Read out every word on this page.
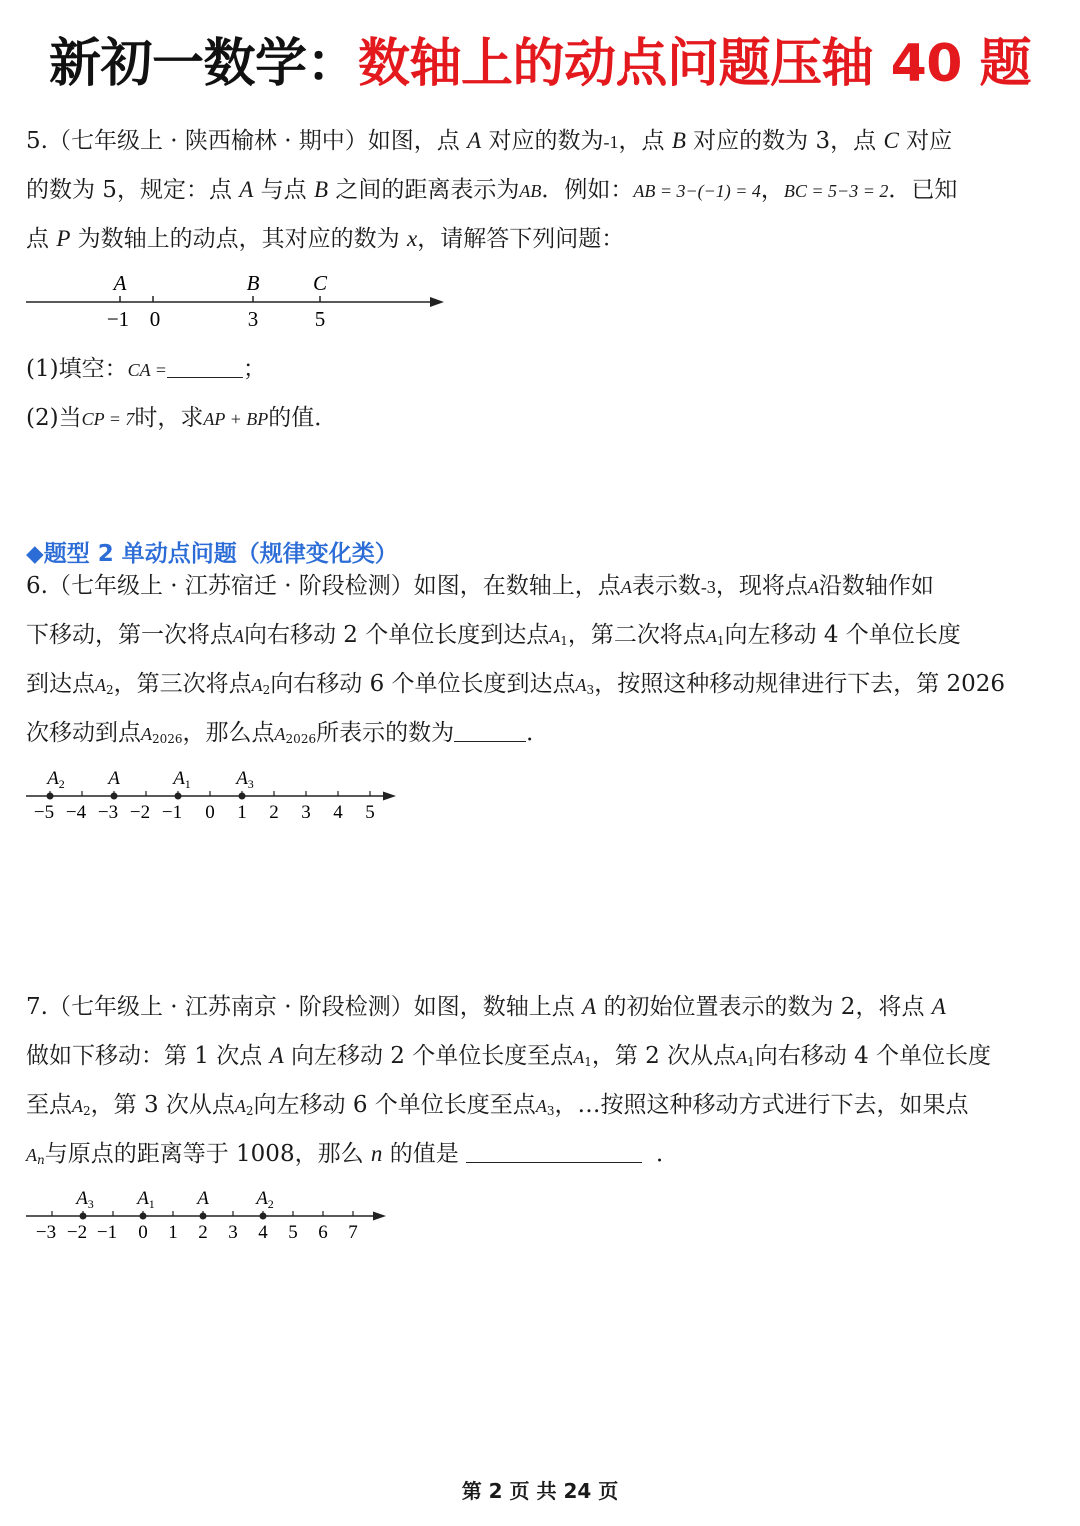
新初一数学：数轴上的动点问题压轴 40 题
5.（七年级上 · 陕西榆林 · 期中）如图，点 A 对应的数为-1，点 B 对应的数为 3，点 C 对应
的数为 5，规定：点 A 与点 B 之间的距离表示为AB．例如：AB = 3−(−1) = 4，BC = 5−3 = 2．已知
点 P 为数轴上的动点，其对应的数为 x，请解答下列问题：
A	B	C
−1 0	3	5
(1)填空：CA =	；
(2)当CP = 7时，求AP + BP的值．
◆题型 2 单动点问题（规律变化类）
6.（七年级上 · 江苏宿迁 · 阶段检测）如图，在数轴上，点A表示数-3，现将点A沿数轴作如
下移动，第一次将点A向右移动 2 个单位长度到达点$A_1$，第二次将点$A_1$向左移动 4 个单位长度
到达点$A_2$，第三次将点$A_2$向右移动 6 个单位长度到达点$A_3$，按照这种移动规律进行下去，第 2026
次移动到点$A_{2026}$，那么点$A_{2026}$所表示的数为	．
$A_2$ A	$A_1$ $A_3$
−5 −4 −3 −2 −1 0 1 2 3 4 5
7.（七年级上 · 江苏南京 · 阶段检测）如图，数轴上点 A 的初始位置表示的数为 2，将点 A
做如下移动：第 1 次点 A 向左移动 2 个单位长度至点$A_1$，第 2 次从点$A_1$向右移动 4 个单位长度
至点$A_2$，第 3 次从点$A_2$向左移动 6 个单位长度至点$A_3$，…按照这种移动方式进行下去，如果点
$A_n$与原点的距离等于 1008，那么 n 的值是	．
$A_3$ $A_1$ A $A_2$
−3 −2 −1 0 1 2 3 4 5 6 7
第 2 页 共 24 页
